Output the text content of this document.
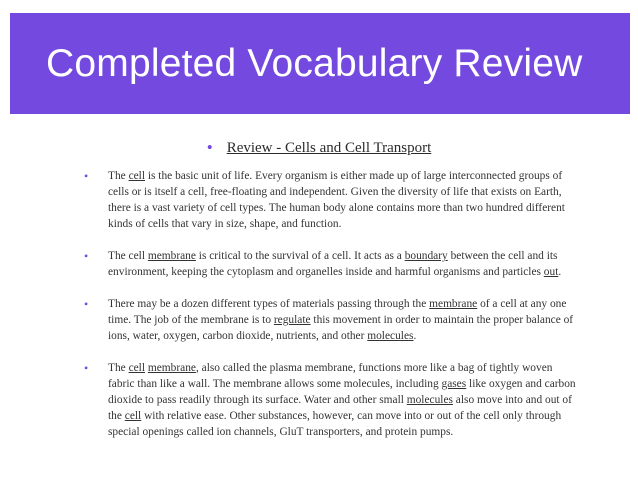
Completed Vocabulary Review
• Review - Cells and Cell Transport
• The cell is the basic unit of life. Every organism is either made up of large interconnected groups of cells or is itself a cell, free-floating and independent. Given the diversity of life that exists on Earth, there is a vast variety of cell types. The human body alone contains more than two hundred different kinds of cells that vary in size, shape, and function.
• The cell membrane is critical to the survival of a cell. It acts as a boundary between the cell and its environment, keeping the cytoplasm and organelles inside and harmful organisms and particles out.
• There may be a dozen different types of materials passing through the membrane of a cell at any one time. The job of the membrane is to regulate this movement in order to maintain the proper balance of ions, water, oxygen, carbon dioxide, nutrients, and other molecules.
• The cell membrane, also called the plasma membrane, functions more like a bag of tightly woven fabric than like a wall. The membrane allows some molecules, including gases like oxygen and carbon dioxide to pass readily through its surface. Water and other small molecules also move into and out of the cell with relative ease. Other substances, however, can move into or out of the cell only through special openings called ion channels, GluT transporters, and protein pumps.
